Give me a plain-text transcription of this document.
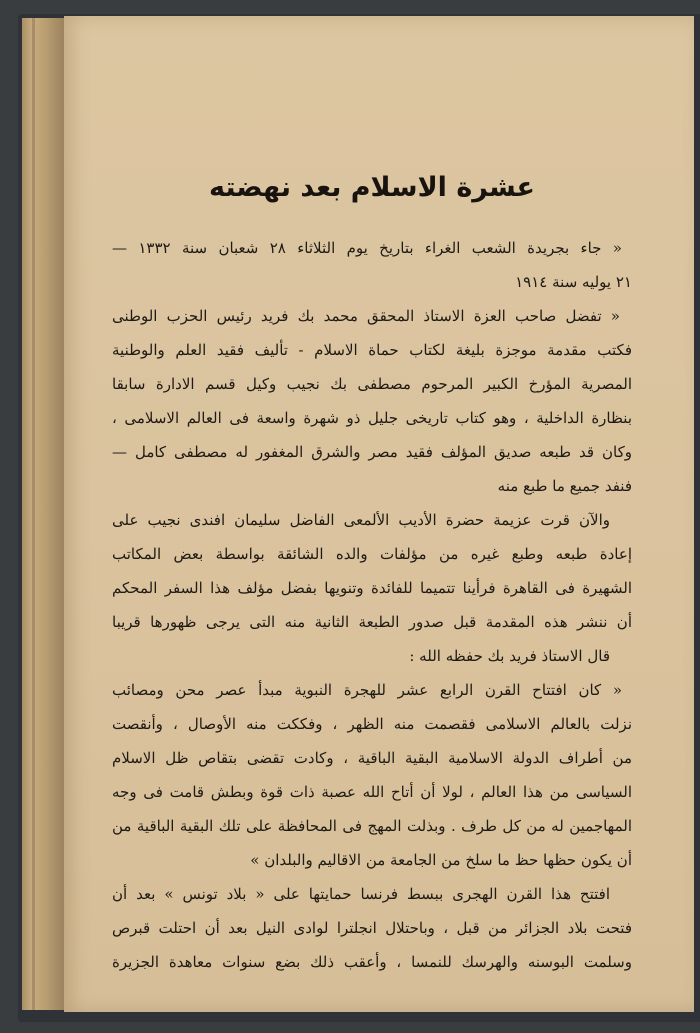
عشرة الاسلام بعد نهضته
« جاء بجريدة الشعب الغراء بتاريخ يوم الثلاثاء ٢٨ شعبان سنة ١٣٣٢ —
٢١ يوليه سنة ١٩١٤
« تفضل صاحب العزة الاستاذ المحقق محمد بك فريد رئيس الحزب الوطنى
فكتب مقدمة موجزة بليغة لكتاب حماة الاسلام - تأليف فقيد العلم والوطنية
المصرية المؤرخ الكبير المرحوم مصطفى بك نجيب وكيل قسم الادارة سابقا
بنظارة الداخلية ، وهو كتاب تاريخى جليل ذو شهرة واسعة فى العالم الاسلامى ،
وكان قد طبعه صديق المؤلف فقيد مصر والشرق المغفور له مصطفى كامل —
فنفد جميع ما طبع منه
والآن قرت عزيمة حضرة الأديب الألمعى الفاضل سليمان افندى نجيب على
إعادة طبعه وطبع غيره من مؤلفات والده الشائقة بواسطة بعض المكاتب
الشهيرة فى القاهرة فرأينا تتميما للفائدة وتنويها بفضل مؤلف هذا السفر المحكم
أن ننشر هذه المقدمة قبل صدور الطبعة الثانية منه التى يرجى ظهورها قريبا
قال الاستاذ فريد بك حفظه الله :
« كان افتتاح القرن الرابع عشر للهجرة النبوية مبدأ عصر محن ومصائب
نزلت بالعالم الاسلامى فقصمت منه الظهر ، وفككت منه الأوصال ، وأنقصت
من أطراف الدولة الاسلامية البقية الباقية ، وكادت تقضى بتقاص ظل الاسلام
السياسى من هذا العالم ، لولا أن أتاح الله عصبة ذات قوة وبطش قامت فى وجه
المهاجمين له من كل طرف . وبذلت المهج فى المحافظة على تلك البقية الباقية من
أن يكون حظها حظ ما سلخ من الجامعة من الاقاليم والبلدان »
افتتح هذا القرن الهجرى ببسط فرنسا حمايتها على « بلاد تونس » بعد أن
فتحت بلاد الجزائر من قبل ، وباحتلال انجلترا لوادى النيل بعد أن احتلت قبرص
وسلمت البوسنه والهرسك للنمسا ، وأعقب ذلك بضع سنوات معاهدة الجزيرة
